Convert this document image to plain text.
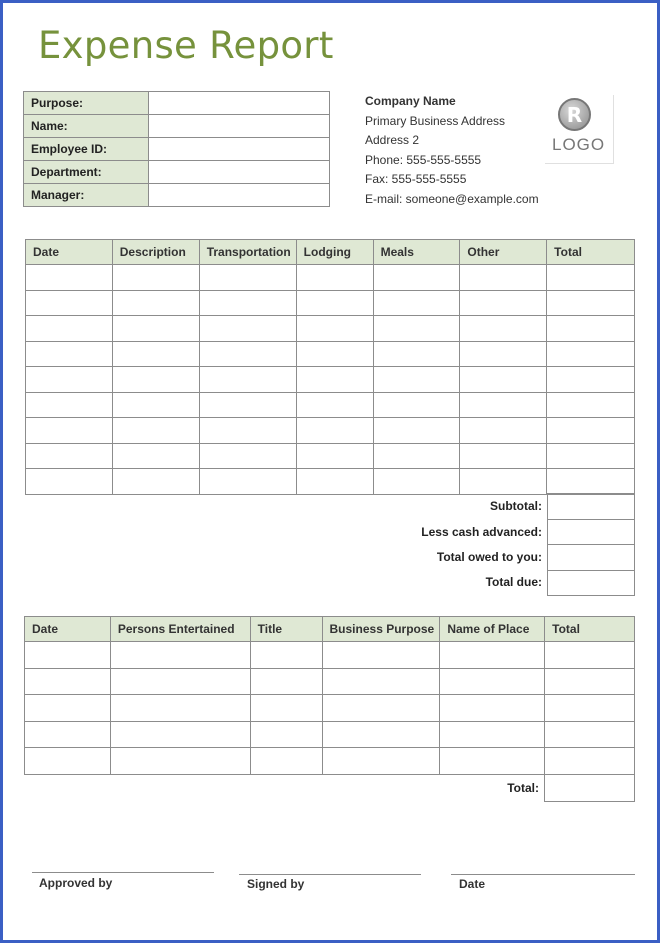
Expense Report
Purpose:	
Name:	
Employee ID:	
Department:	
Manager:	
Company Name
Primary Business Address
Address 2
Phone: 555-555-5555
Fax: 555-555-5555
E-mail: someone@example.com
R
LOGO
Date	Description	Transportation	Lodging	Meals	Other	Total

Subtotal:
Less cash advanced:
Total owed to you:
Total due:
Date	Persons Entertained	Title	Business Purpose	Name of Place	Total

Total:
Approved by	Signed by	Date
